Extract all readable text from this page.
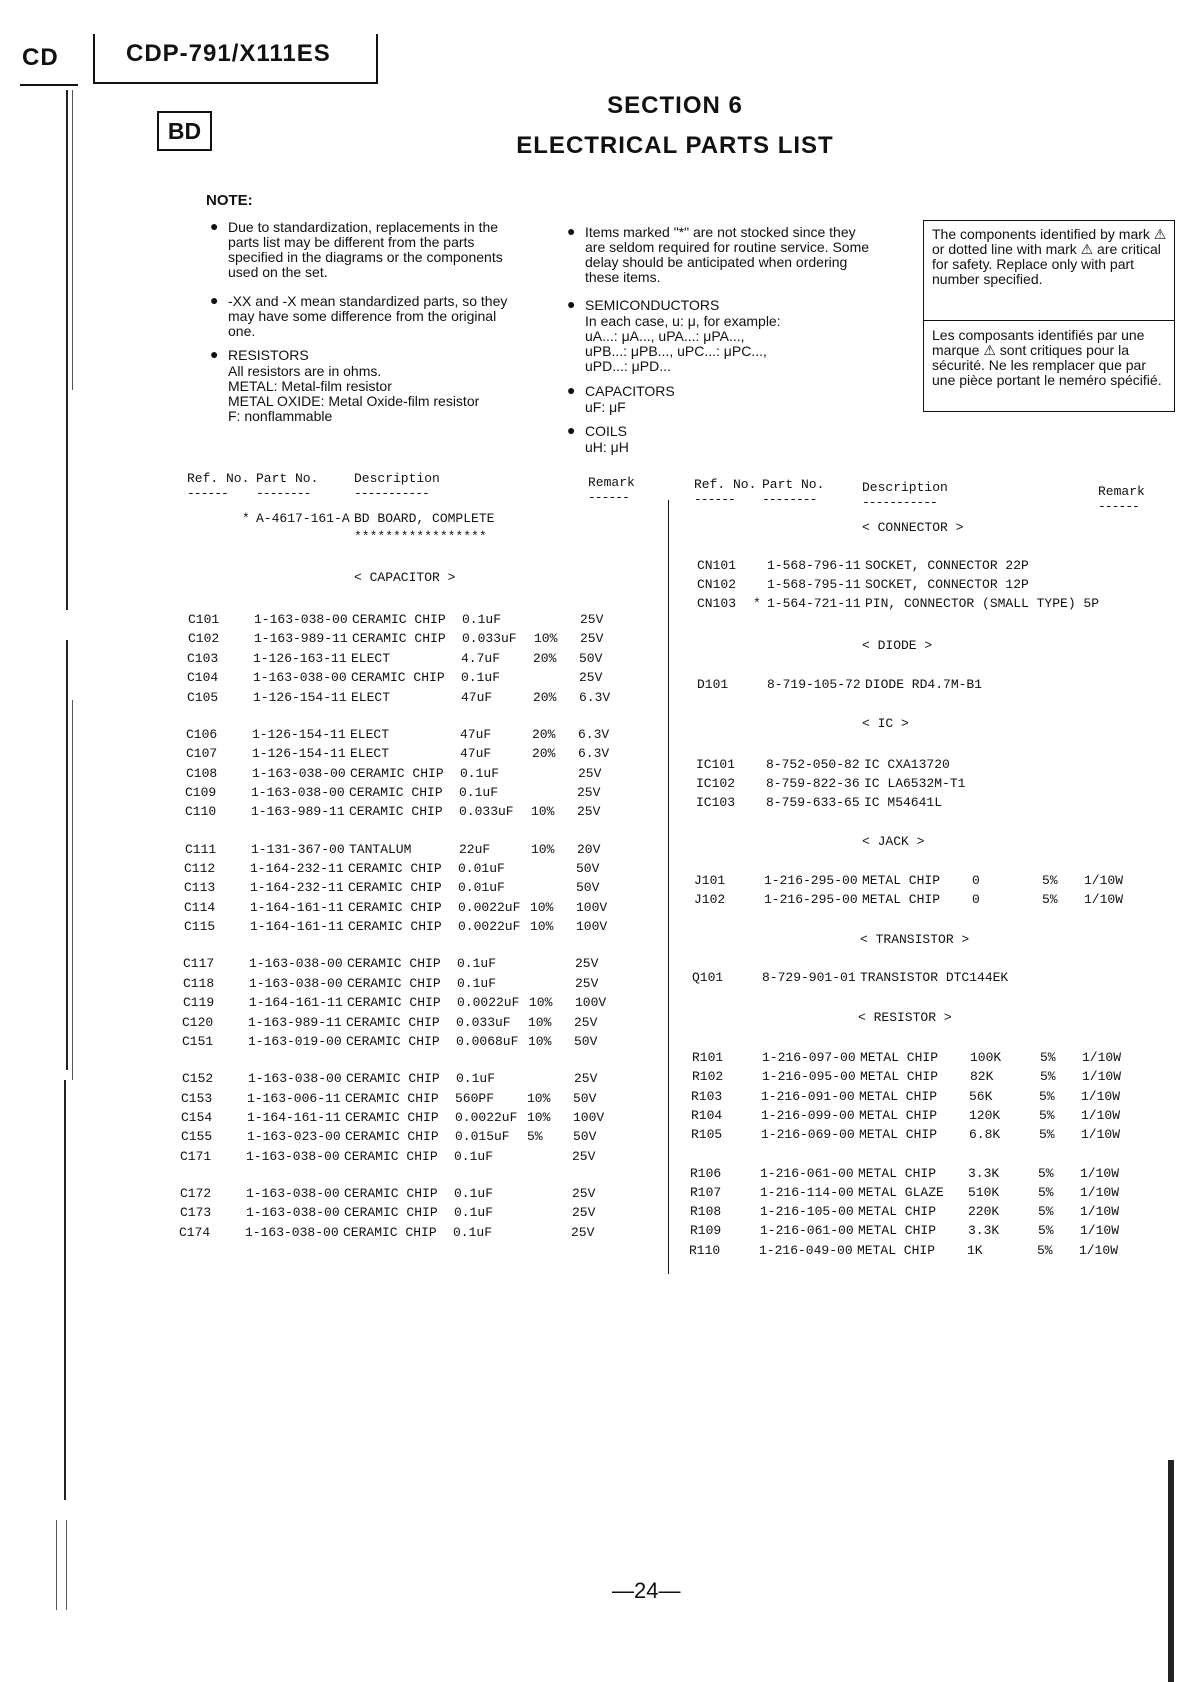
CD	CDP-791/X111ES
BD
SECTION 6
ELECTRICAL PARTS LIST
NOTE:
● Due to standardization, replacements in the parts list may be different from the parts specified in the diagrams or the components used on the set.
● -XX and -X mean standardized parts, so they may have some difference from the original one.
● RESISTORS
All resistors are in ohms.
METAL: Metal-film resistor
METAL OXIDE: Metal Oxide-film resistor
F: nonflammable
● Items marked "*" are not stocked since they are seldom required for routine service. Some delay should be anticipated when ordering these items.
● SEMICONDUCTORS
In each case, u: μ, for example:
uA...: μA..., uPA...: μPA...,
uPB...: μPB..., uPC...: μPC...,
uPD...: μPD...
● CAPACITORS
uF: μF
● COILS
uH: μH
The components identified by mark ⚠ or dotted line with mark ⚠ are critical for safety. Replace only with part number specified.
Les composants identifiés par une marque ⚠ sont critiques pour la sécurité. Ne les remplacer que par une pièce portant le neméro spécifié.
Ref. No. Part No.	Description	Remark
------ --------	-----------	------
Ref. No. Part No.	Description	Remark
------ --------	-----------	------
* A-4617-161-A BD BOARD, COMPLETE
*****************
< CAPACITOR >
C101	1-163-038-00 CERAMIC CHIP 0.1uF	25V
C102	1-163-989-11 CERAMIC CHIP 0.033uF 10% 25V
C103	1-126-163-11 ELECT	4.7uF	20% 50V
C104	1-163-038-00 CERAMIC CHIP 0.1uF	25V
C105	1-126-154-11 ELECT	47uF	20% 6.3V
C106	1-126-154-11 ELECT	47uF	20% 6.3V
C107	1-126-154-11 ELECT	47uF	20% 6.3V
C108	1-163-038-00 CERAMIC CHIP 0.1uF	25V
C109	1-163-038-00 CERAMIC CHIP 0.1uF	25V
C110	1-163-989-11 CERAMIC CHIP 0.033uF 10% 25V
C111	1-131-367-00 TANTALUM	22uF	10% 20V
C112	1-164-232-11 CERAMIC CHIP 0.01uF	50V
C113	1-164-232-11 CERAMIC CHIP 0.01uF	50V
C114	1-164-161-11 CERAMIC CHIP 0.0022uF 10% 100V
C115	1-164-161-11 CERAMIC CHIP 0.0022uF 10% 100V
C117	1-163-038-00 CERAMIC CHIP 0.1uF	25V
C118	1-163-038-00 CERAMIC CHIP 0.1uF	25V
C119	1-164-161-11 CERAMIC CHIP 0.0022uF 10% 100V
C120	1-163-989-11 CERAMIC CHIP 0.033uF 10% 25V
C151	1-163-019-00 CERAMIC CHIP 0.0068uF 10% 50V
C152	1-163-038-00 CERAMIC CHIP 0.1uF	25V
C153	1-163-006-11 CERAMIC CHIP 560PF	10% 50V
C154	1-164-161-11 CERAMIC CHIP 0.0022uF 10% 100V
C155	1-163-023-00 CERAMIC CHIP 0.015uF 5% 50V
C171	1-163-038-00 CERAMIC CHIP 0.1uF	25V
C172	1-163-038-00 CERAMIC CHIP 0.1uF	25V
C173	1-163-038-00 CERAMIC CHIP 0.1uF	25V
C174	1-163-038-00 CERAMIC CHIP 0.1uF	25V
< CONNECTOR >
CN101 1-568-796-11 SOCKET, CONNECTOR 22P
CN102 1-568-795-11 SOCKET, CONNECTOR 12P
CN103 * 1-564-721-11 PIN, CONNECTOR (SMALL TYPE) 5P
< DIODE >
D101	8-719-105-72 DIODE RD4.7M-B1
< IC >
IC101 8-752-050-82 IC CXA13720
IC102 8-759-822-36 IC LA6532M-T1
IC103 8-759-633-65 IC M54641L
< JACK >
J101	1-216-295-00 METAL CHIP 0	5% 1/10W
J102	1-216-295-00 METAL CHIP 0	5% 1/10W
< TRANSISTOR >
Q101	8-729-901-01 TRANSISTOR DTC144EK
< RESISTOR >
R101	1-216-097-00 METAL CHIP 100K	5% 1/10W
R102	1-216-095-00 METAL CHIP 82K	5% 1/10W
R103	1-216-091-00 METAL CHIP 56K	5% 1/10W
R104	1-216-099-00 METAL CHIP 120K	5% 1/10W
R105	1-216-069-00 METAL CHIP 6.8K	5% 1/10W
R106	1-216-061-00 METAL CHIP 3.3K	5% 1/10W
R107	1-216-114-00 METAL GLAZE 510K	5% 1/10W
R108	1-216-105-00 METAL CHIP 220K	5% 1/10W
R109	1-216-061-00 METAL CHIP 3.3K	5% 1/10W
R110	1-216-049-00 METAL CHIP 1K	5% 1/10W
—24—
